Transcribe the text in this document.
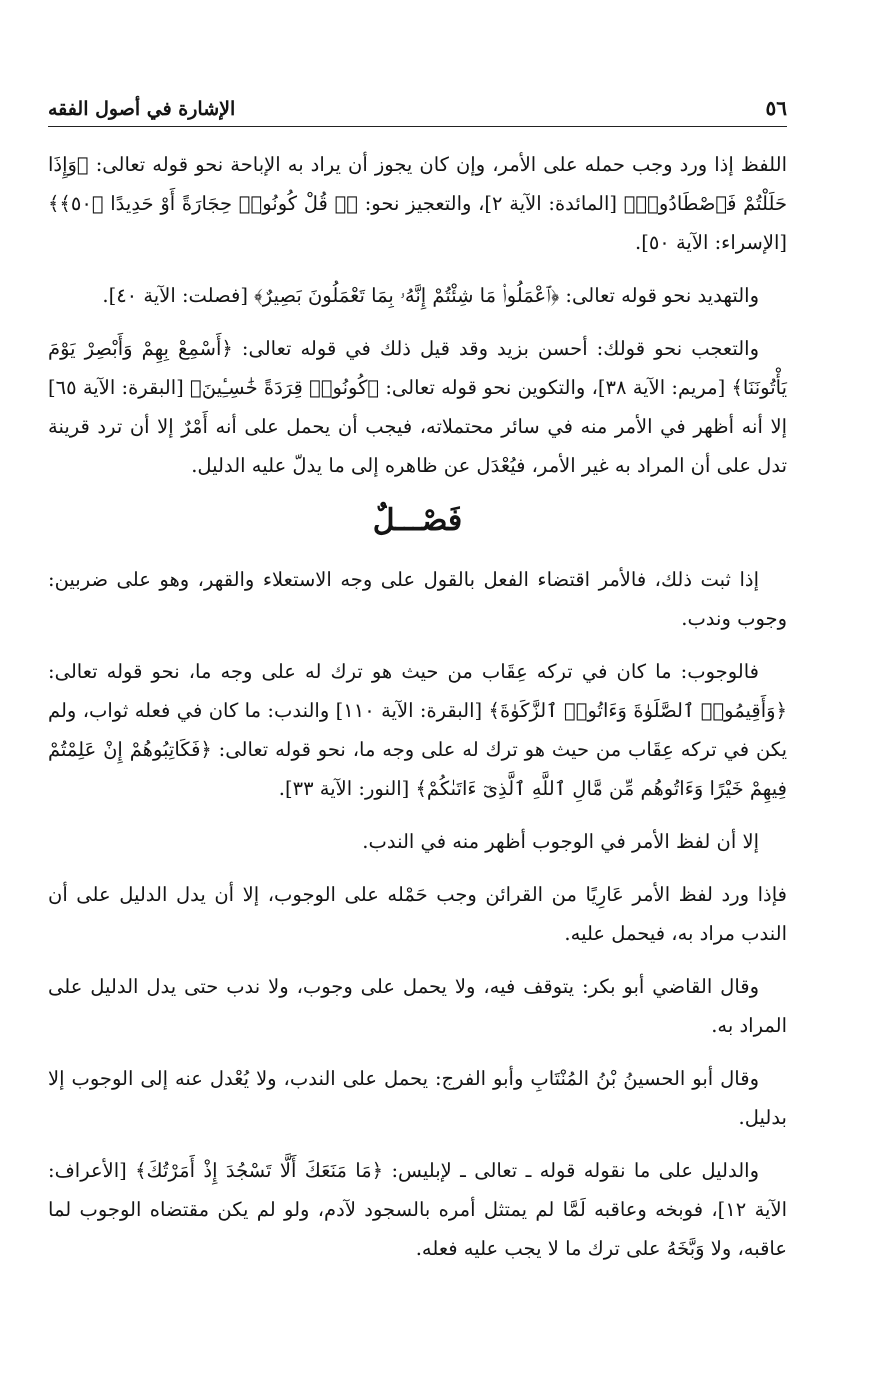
٥٦
الإشارة في أصول الفقه

اللفظ إذا ورد وجب حمله على الأمر، وإن كان يجوز أن يراد به الإباحة نحو قوله تعالى: ﴿وَإِذَا حَلَلْتُمْ فَٱصْطَادُوا۟﴾ [المائدة: الآية ٢]، والتعجيز نحو: ﴿۞ قُلْ كُونُوا۟ حِجَارَةً أَوْ حَدِيدًا ﴿٥٠﴾﴾ [الإسراء: الآية ٥٠].

والتهديد نحو قوله تعالى: ﴿ٱعْمَلُوا۟ مَا شِئْتُمْ إِنَّهُۥ بِمَا تَعْمَلُونَ بَصِيرٌ﴾ [فصلت: الآية ٤٠].

والتعجب نحو قولك: أحسن بزيد وقد قيل ذلك في قوله تعالى: ﴿أَسْمِعْ بِهِمْ وَأَبْصِرْ يَوْمَ يَأْتُونَنَا﴾ [مريم: الآية ٣٨]، والتكوين نحو قوله تعالى: ﴿كُونُوا۟ قِرَدَةً خَٰسِـِٔينَ﴾ [البقرة: الآية ٦٥] إلا أنه أظهر في الأمر منه في سائر محتملاته، فيجب أن يحمل على أنه أَمْرٌ إلا أن ترد قرينة تدل على أن المراد به غير الأمر، فيُعْدَل عن ظاهره إلى ما يدلّ عليه الدليل.

فَصْـــلٌ

إذا ثبت ذلك، فالأمر اقتضاء الفعل بالقول على وجه الاستعلاء والقهر، وهو على ضربين: وجوب وندب.

فالوجوب: ما كان في تركه عِقَاب من حيث هو ترك له على وجه ما، نحو قوله تعالى: ﴿وَأَقِيمُوا۟ ٱلصَّلَوٰةَ وَءَاتُوا۟ ٱلزَّكَوٰةَ﴾ [البقرة: الآية ١١٠] والندب: ما كان في فعله ثواب، ولم يكن في تركه عِقَاب من حيث هو ترك له على وجه ما، نحو قوله تعالى: ﴿فَكَاتِبُوهُمْ إِنْ عَلِمْتُمْ فِيهِمْ خَيْرًا وَءَاتُوهُم مِّن مَّالِ ٱللَّهِ ٱلَّذِىٓ ءَاتَىٰكُمْ﴾ [النور: الآية ٣٣].

إلا أن لفظ الأمر في الوجوب أظهر منه في الندب.

فإذا ورد لفظ الأمر عَارِيًا من القرائن وجب حَمْله على الوجوب، إلا أن يدل الدليل على أن الندب مراد به، فيحمل عليه.

وقال القاضي أبو بكر: يتوقف فيه، ولا يحمل على وجوب، ولا ندب حتى يدل الدليل على المراد به.

وقال أبو الحسينُ بْنُ المُنْتَابِ وأبو الفرج: يحمل على الندب، ولا يُعْدل عنه إلى الوجوب إلا بدليل.

والدليل على ما نقوله قوله ـ تعالى ـ لإبليس: ﴿مَا مَنَعَكَ أَلَّا تَسْجُدَ إِذْ أَمَرْتُكَ﴾ [الأعراف: الآية ١٢]، فوبخه وعاقبه لَمَّا لم يمتثل أمره بالسجود لآدم، ولو لم يكن مقتضاه الوجوب لما عاقبه، ولا وَبَّخَهُ على ترك ما لا يجب عليه فعله.
